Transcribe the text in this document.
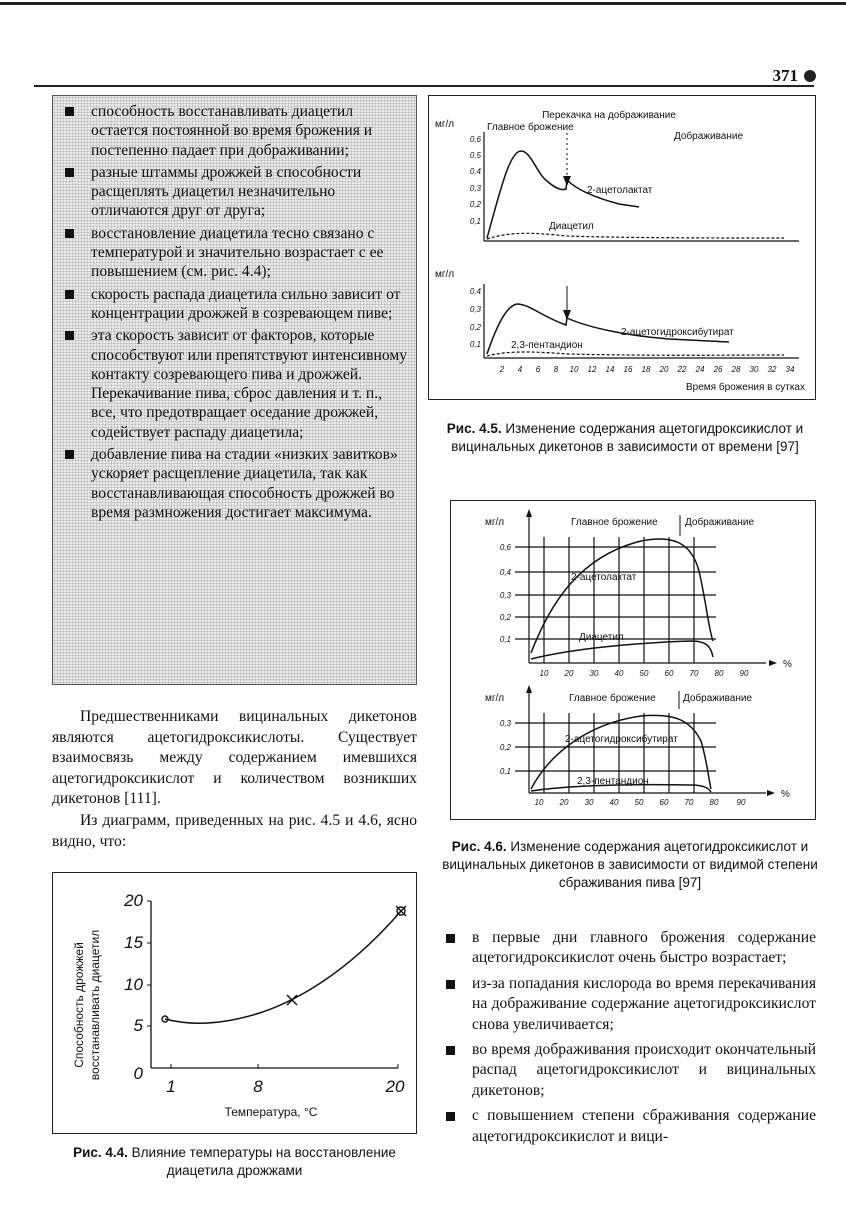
371
способность восстанавливать диацетил остается постоянной во время брожения и постепенно падает при дображивании;
разные штаммы дрожжей в способности расщеплять диацетил незначительно отличаются друг от друга;
восстановление диацетила тесно связано с температурой и значительно возрастает с ее повышением (см. рис. 4.4);
скорость распада диацетила сильно зависит от концентрации дрожжей в созревающем пиве;
эта скорость зависит от факторов, которые способствуют или препятствуют интенсивному контакту созревающего пива и дрожжей. Перекачивание пива, сброс давления и т. п., все, что предотвращает оседание дрожжей, содействует распаду диацетила;
добавление пива на стадии «низких завитков» ускоряет расщепление диацетила, так как восстанавливающая способность дрожжей во время размножения достигает максимума.
Предшественниками вицинальных дикетонов являются ацетогидроксикислоты. Существует взаимосвязь между содержанием имевшихся ацетогидроксикислот и количеством возникших дикетонов [111].
Из диаграмм, приведенных на рис. 4.5 и 4.6, ясно видно, что:
Способность дрожжей восстанавливать диацетил
20
15
10
5
0
1	8	20
Температура, °С
Рис. 4.4. Влияние температуры на восстановление диацетила дрожжами
Перекачка на дображивание
мг/л	Главное брожение
Дображивание
0,6
0,5
0,4
0,3
0,2
0,1
2-ацетолактат
Диацетил
мг/л
0,4
0,3
0,2
0,1
2-ацетогидроксибутират
2,3-пентандион
2 4 6 8 10 12 14 16 18 20 22 24 26 28 30 32 34
Время брожения в сутках
Рис. 4.5. Изменение содержания ацетогидроксикислот и вицинальных дикетонов в зависимости от времени [97]
мг/л	Главное брожение	Дображивание
0,6
0,4
0,3
0,2
0,1
2-ацетолактат
Диацетил
10 20 30 40 50 60 70 80 90
%
мг/л	Главное брожение	Дображивание
0,3
0,2
0,1
2-ацетогидроксибутират
2,3-пентандион
10 20 30 40 50 60 70 80 90
%
Рис. 4.6. Изменение содержания ацетогидроксикислот и вицинальных дикетонов в зависимости от видимой степени сбраживания пива [97]
в первые дни главного брожения содержание ацетогидроксикислот очень быстро возрастает;
из-за попадания кислорода во время перекачивания на дображивание содержание ацетогидроксикислот снова увеличивается;
во время дображивания происходит окончательный распад ацетогидроксикислот и вицинальных дикетонов;
с повышением степени сбраживания содержание ацетогидроксикислот и вици-
